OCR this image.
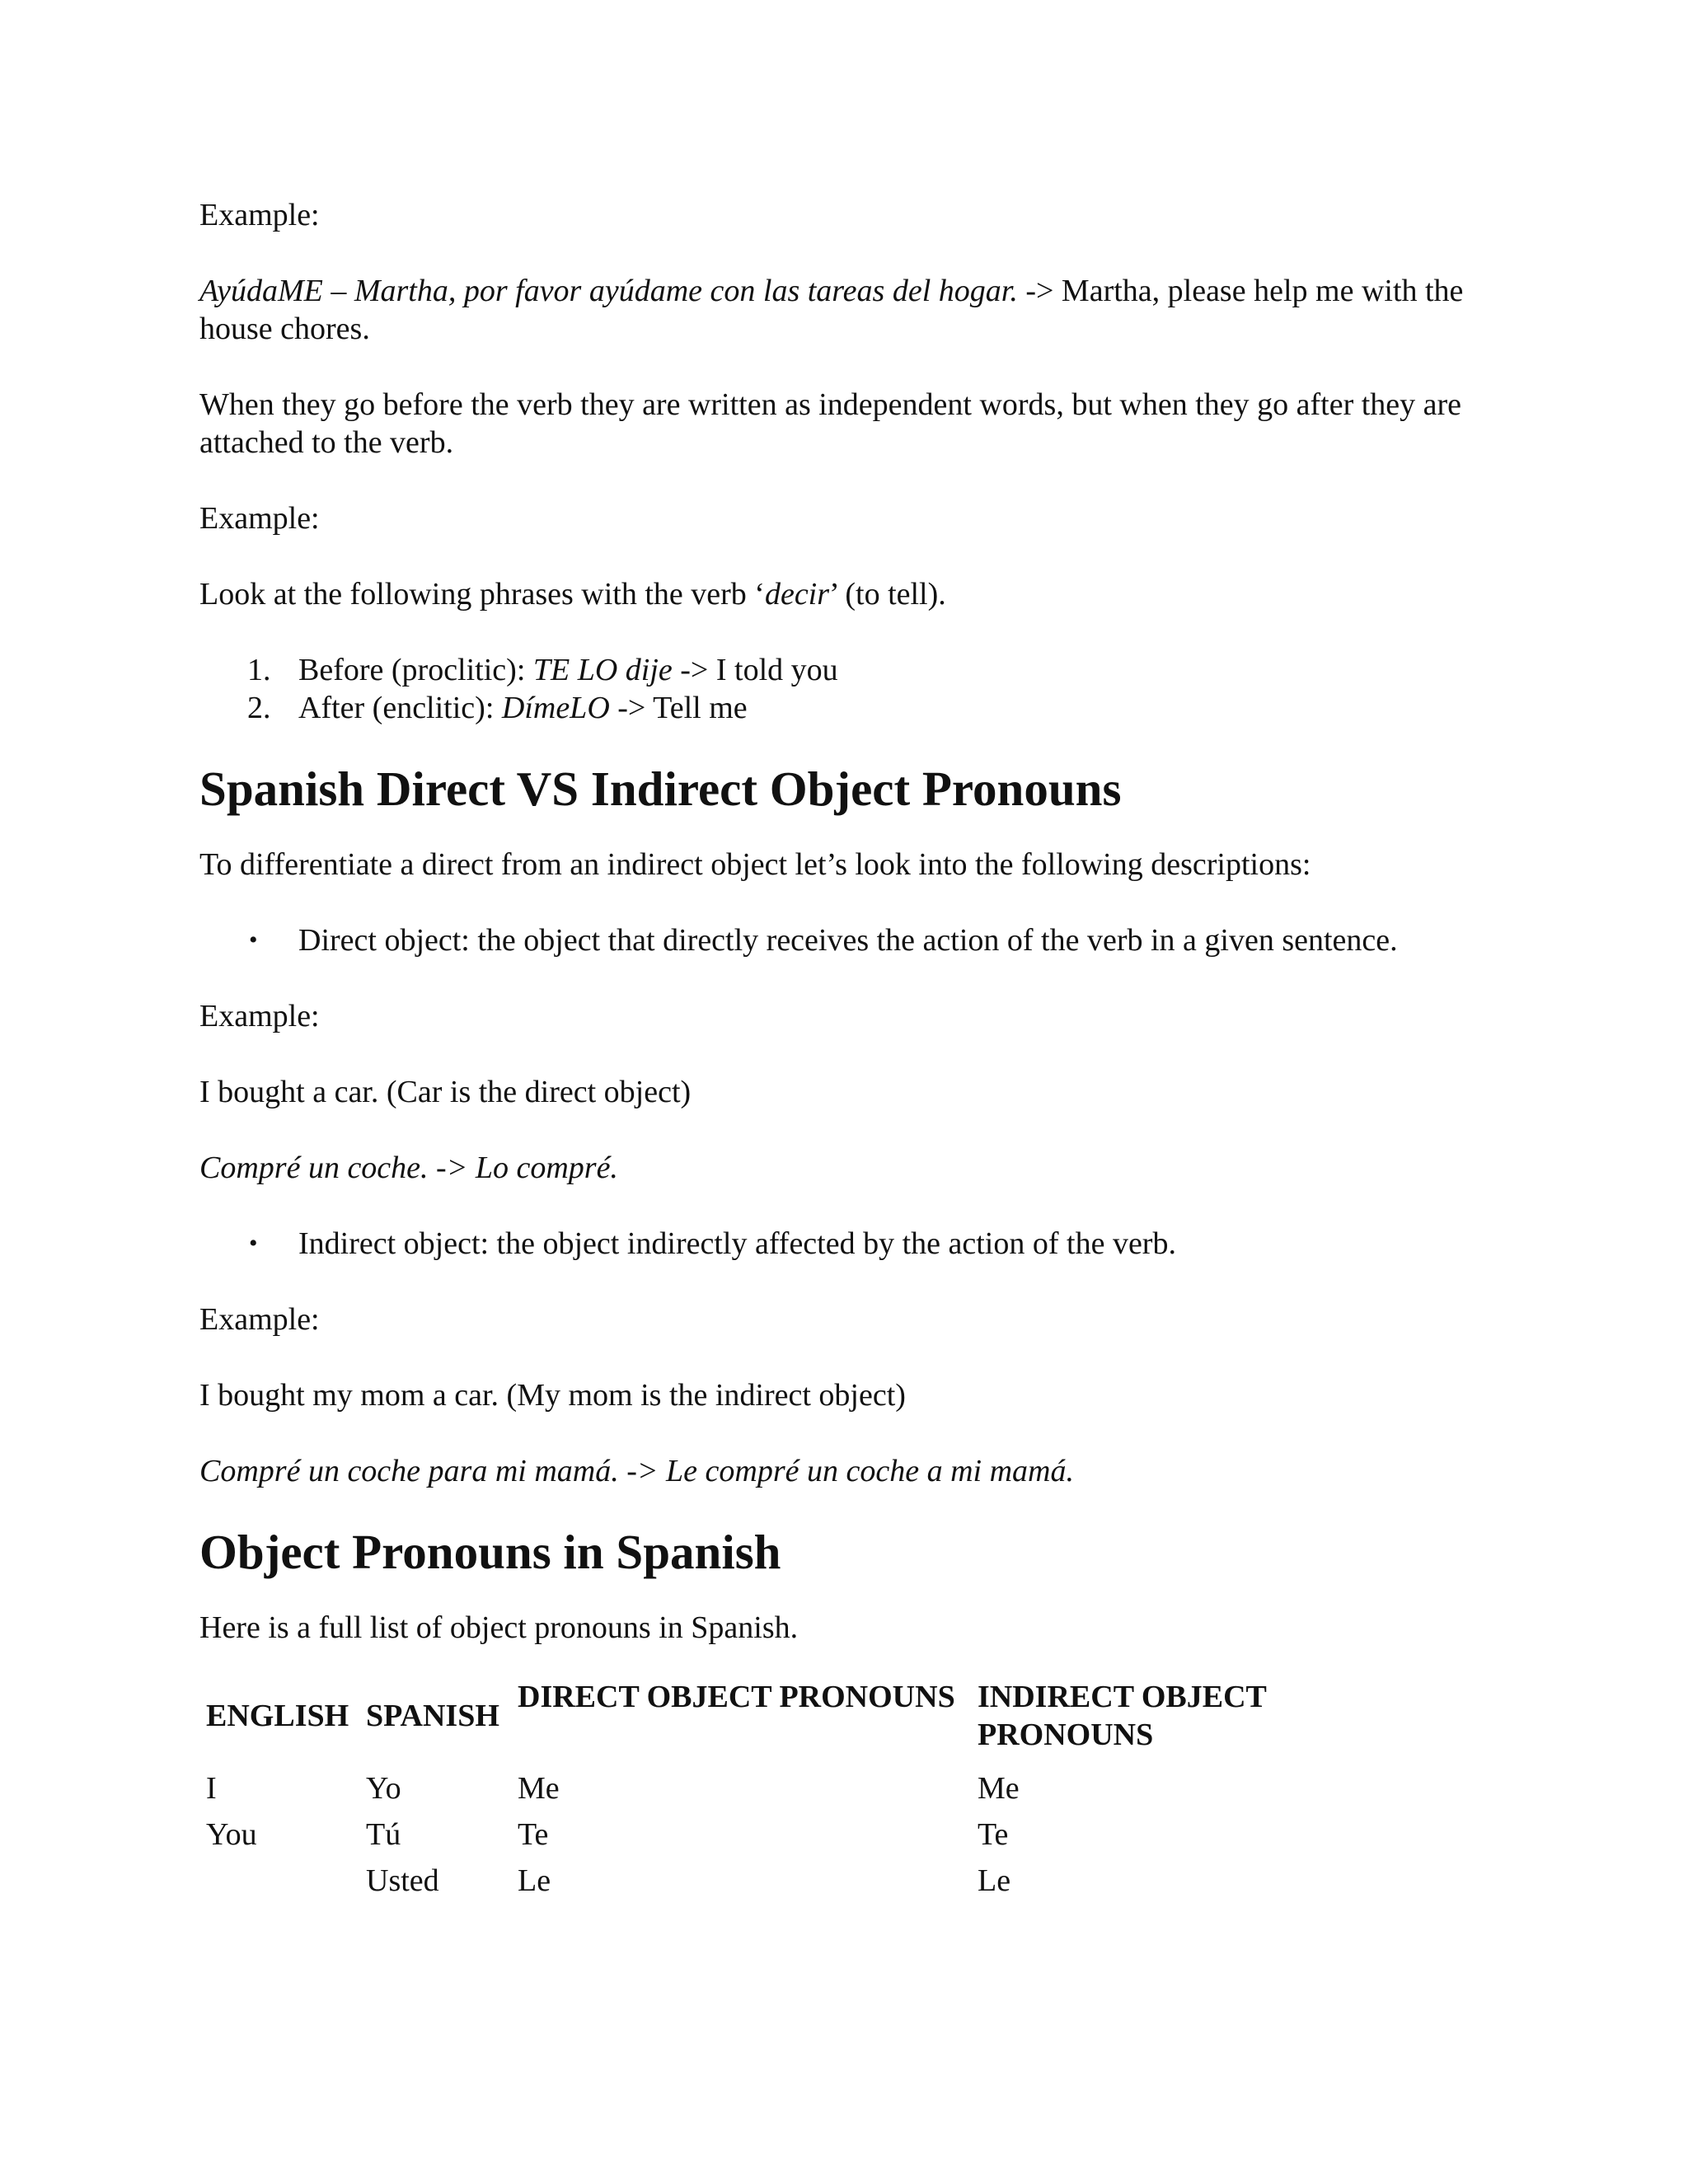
Example:

AyúdaME – Martha, por favor ayúdame con las tareas del hogar. -> Martha, please help me with the house chores.

When they go before the verb they are written as independent words, but when they go after they are attached to the verb.

Example:

Look at the following phrases with the verb ‘decir’ (to tell).

1. Before (proclitic): TE LO dije -> I told you
2. After (enclitic): DímeLO -> Tell me
Spanish Direct VS Indirect Object Pronouns

To differentiate a direct from an indirect object let’s look into the following descriptions:

• Direct object: the object that directly receives the action of the verb in a given sentence.

Example:

I bought a car. (Car is the direct object)

Compré un coche. -> Lo compré.

• Indirect object: the object indirectly affected by the action of the verb.

Example:

I bought my mom a car. (My mom is the indirect object)

Compré un coche para mi mamá. -> Le compré un coche a mi mamá.

Object Pronouns in Spanish

Here is a full list of object pronouns in Spanish.

ENGLISH	SPANISH	DIRECT OBJECT PRONOUNS	INDIRECT OBJECT PRONOUNS
I	Yo	Me	Me
You	Tú	Te	Te
	Usted	Le	Le
